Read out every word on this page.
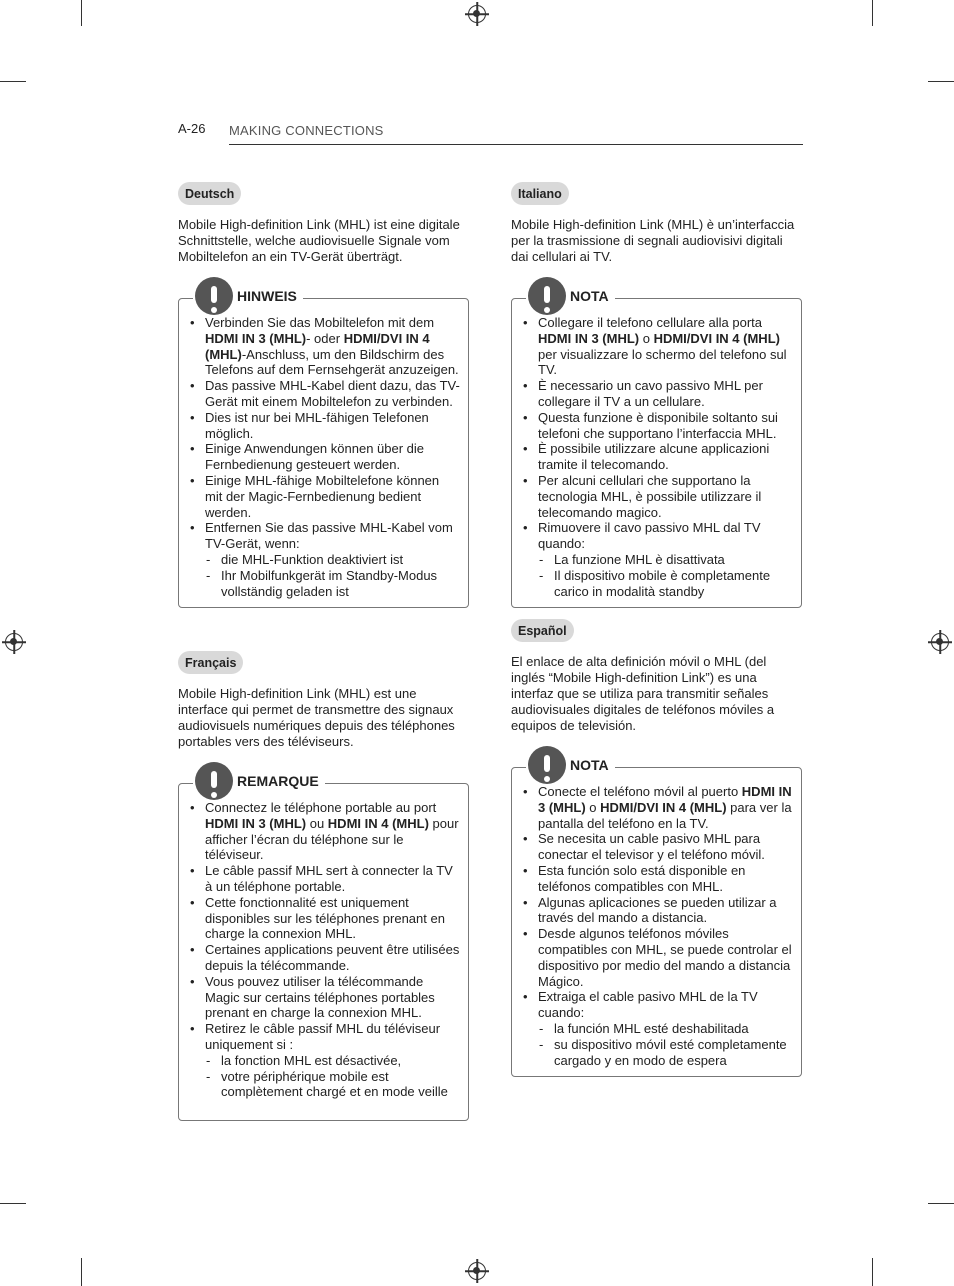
A-26 MAKING CONNECTIONS
Deutsch

Mobile High-definition Link (MHL) ist eine digitale Schnittstelle, welche audiovisuelle Signale vom Mobiltelefon an ein TV-Gerät überträgt.

HINWEIS
• Verbinden Sie das Mobiltelefon mit dem HDMI IN 3 (MHL)- oder HDMI/DVI IN 4 (MHL)-Anschluss, um den Bildschirm des Telefons auf dem Fernsehgerät anzuzeigen.
• Das passive MHL-Kabel dient dazu, das TV-Gerät mit einem Mobiltelefon zu verbinden.
• Dies ist nur bei MHL-fähigen Telefonen möglich.
• Einige Anwendungen können über die Fernbedienung gesteuert werden.
• Einige MHL-fähige Mobiltelefone können mit der Magic-Fernbedienung bedient werden.
• Entfernen Sie das passive MHL-Kabel vom TV-Gerät, wenn:
- die MHL-Funktion deaktiviert ist
- Ihr Mobilfunkgerät im Standby-Modus vollständig geladen ist
Français

Mobile High-definition Link (MHL) est une interface qui permet de transmettre des signaux audiovisuels numériques depuis des téléphones portables vers des téléviseurs.

REMARQUE
• Connectez le téléphone portable au port HDMI IN 3 (MHL) ou HDMI IN 4 (MHL) pour afficher l’écran du téléphone sur le téléviseur.
• Le câble passif MHL sert à connecter la TV à un téléphone portable.
• Cette fonctionnalité est uniquement disponibles sur les téléphones prenant en charge la connexion MHL.
• Certaines applications peuvent être utilisées depuis la télécommande.
• Vous pouvez utiliser la télécommande Magic sur certains téléphones portables prenant en charge la connexion MHL.
• Retirez le câble passif MHL du téléviseur uniquement si :
- la fonction MHL est désactivée,
- votre périphérique mobile est complètement chargé et en mode veille
Italiano

Mobile High-definition Link (MHL) è un’interfaccia per la trasmissione di segnali audiovisivi digitali dai cellulari ai TV.

NOTA
• Collegare il telefono cellulare alla porta HDMI IN 3 (MHL) o HDMI/DVI IN 4 (MHL) per visualizzare lo schermo del telefono sul TV.
• È necessario un cavo passivo MHL per collegare il TV a un cellulare.
• Questa funzione è disponibile soltanto sui telefoni che supportano l’interfaccia MHL.
• È possibile utilizzare alcune applicazioni tramite il telecomando.
• Per alcuni cellulari che supportano la tecnologia MHL, è possibile utilizzare il telecomando magico.
• Rimuovere il cavo passivo MHL dal TV quando:
- La funzione MHL è disattivata
- Il dispositivo mobile è completamente carico in modalità standby
Español

El enlace de alta definición móvil o MHL (del inglés “Mobile High-definition Link”) es una interfaz que se utiliza para transmitir señales audiovisuales digitales de teléfonos móviles a equipos de televisión.

NOTA
• Conecte el teléfono móvil al puerto HDMI IN 3 (MHL) o HDMI/DVI IN 4 (MHL) para ver la pantalla del teléfono en la TV.
• Se necesita un cable pasivo MHL para conectar el televisor y el teléfono móvil.
• Esta función solo está disponible en teléfonos compatibles con MHL.
• Algunas aplicaciones se pueden utilizar a través del mando a distancia.
• Desde algunos teléfonos móviles compatibles con MHL, se puede controlar el dispositivo por medio del mando a distancia Mágico.
• Extraiga el cable pasivo MHL de la TV cuando:
- la función MHL esté deshabilitada
- su dispositivo móvil esté completamente cargado y en modo de espera
